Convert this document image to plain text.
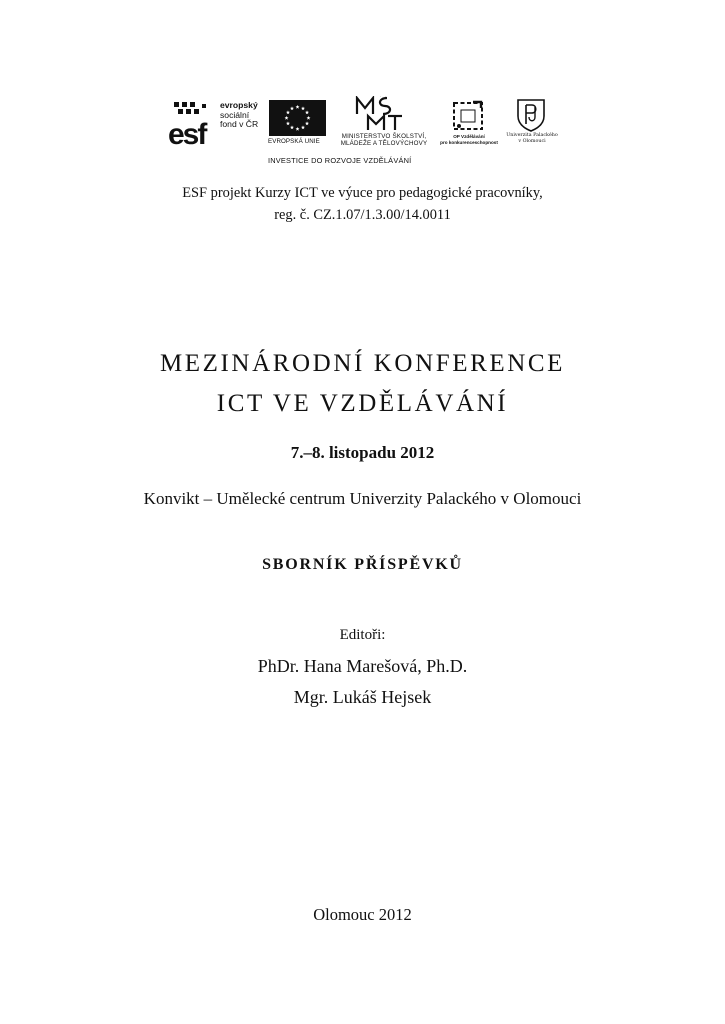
esf
evropský
sociální
fond v ČR
EVROPSKÁ UNIE
MINISTERSTVO ŠKOLSTVÍ,
MLÁDEŽE A TĚLOVÝCHOVY
OP Vzdělávání
pro konkurenceschopnost
Univerzita Palackého
v Olomouci
INVESTICE DO ROZVOJE VZDĚLÁVÁNÍ
ESF projekt Kurzy ICT ve výuce pro pedagogické pracovníky,
reg. č. CZ.1.07/1.3.00/14.0011
MEZINÁRODNÍ KONFERENCE
ICT VE VZDĚLÁVÁNÍ
7.–8. listopadu 2012
Konvikt – Umělecké centrum Univerzity Palackého v Olomouci
SBORNÍK PŘÍSPĚVKŮ
Editoři:
PhDr. Hana Marešová, Ph.D.
Mgr. Lukáš Hejsek
Olomouc 2012
